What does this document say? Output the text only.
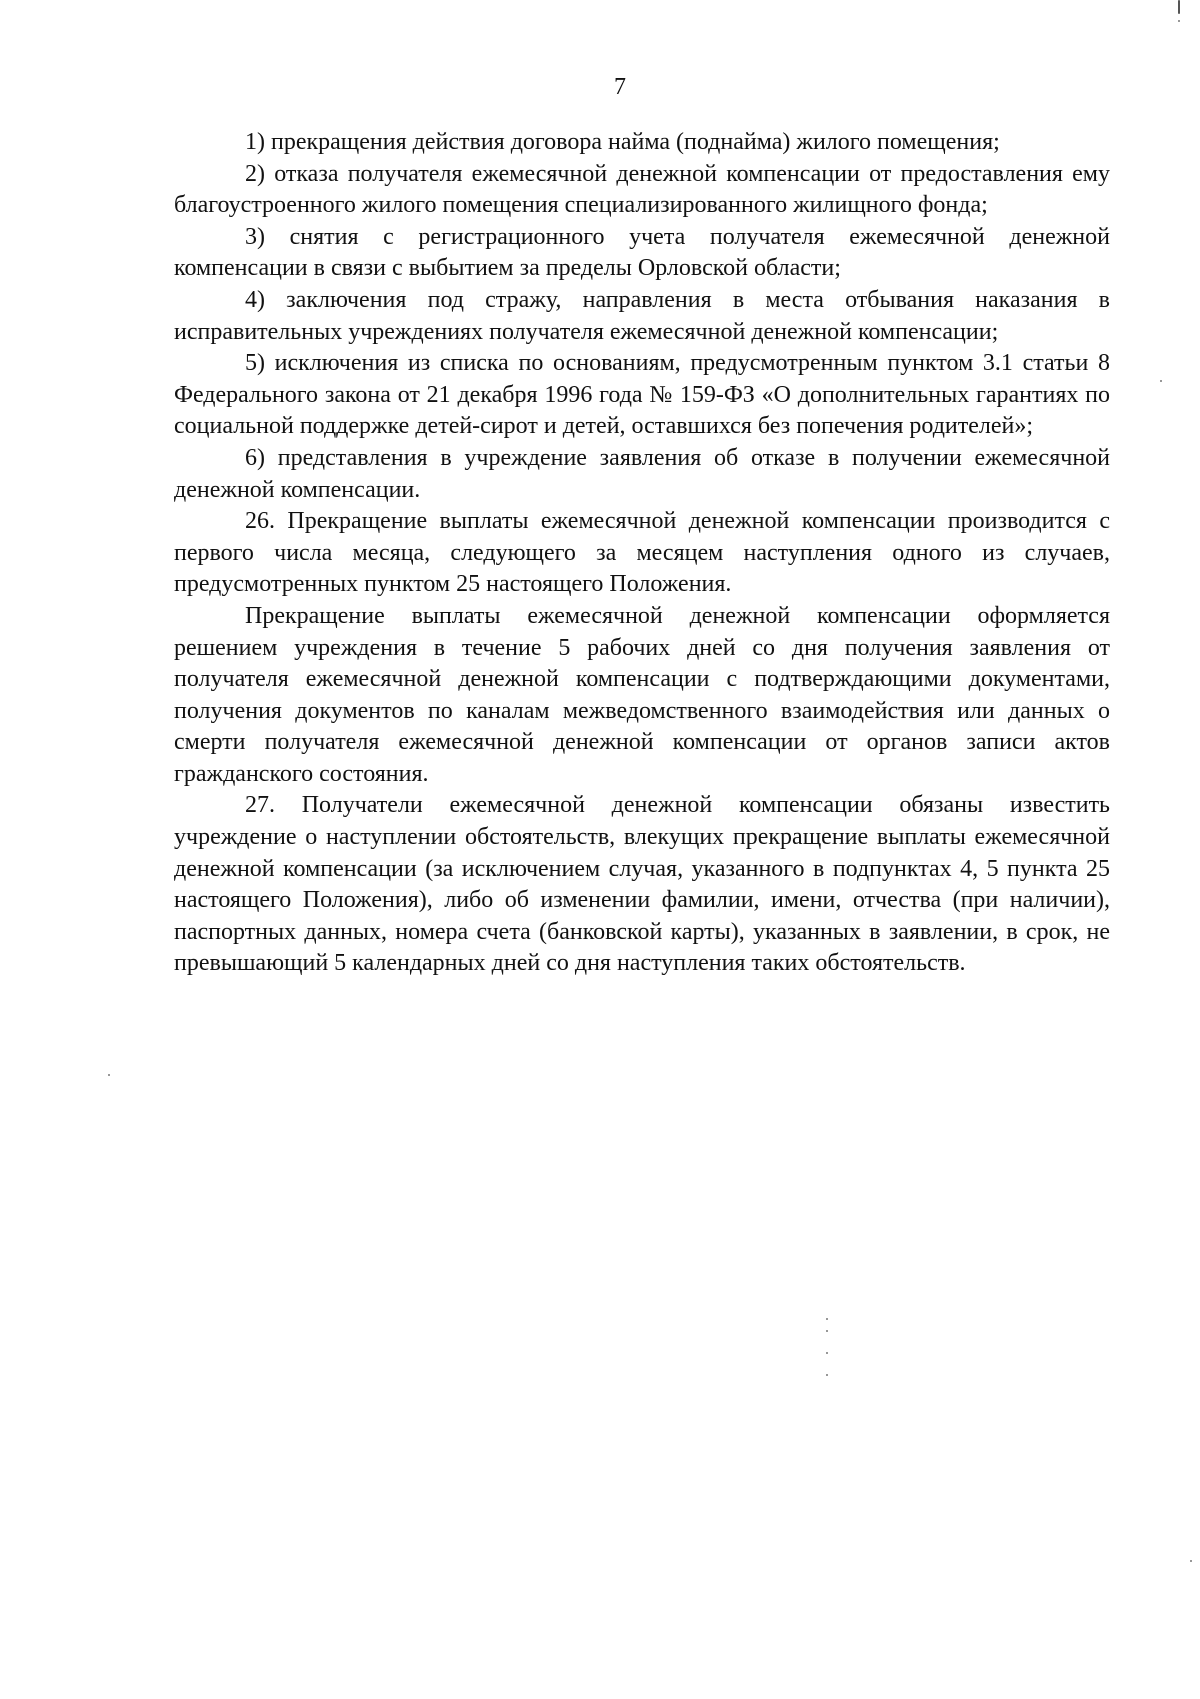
7

1) прекращения действия договора найма (поднайма) жилого помещения;

2) отказа получателя ежемесячной денежной компенсации от предоставления ему благоустроенного жилого помещения специализированного жилищного фонда;

3) снятия с регистрационного учета получателя ежемесячной денежной компенсации в связи с выбытием за пределы Орловской области;

4) заключения под стражу, направления в места отбывания наказания в исправительных учреждениях получателя ежемесячной денежной компенсации;

5) исключения из списка по основаниям, предусмотренным пунктом 3.1 статьи 8 Федерального закона от 21 декабря 1996 года № 159-ФЗ «О дополнительных гарантиях по социальной поддержке детей-сирот и детей, оставшихся без попечения родителей»;

6) представления в учреждение заявления об отказе в получении ежемесячной денежной компенсации.

26. Прекращение выплаты ежемесячной денежной компенсации производится с первого числа месяца, следующего за месяцем наступления одного из случаев, предусмотренных пунктом 25 настоящего Положения.

Прекращение выплаты ежемесячной денежной компенсации оформляется решением учреждения в течение 5 рабочих дней со дня получения заявления от получателя ежемесячной денежной компенсации с подтверждающими документами, получения документов по каналам межведомственного взаимодействия или данных о смерти получателя ежемесячной денежной компенсации от органов записи актов гражданского состояния.

27. Получатели ежемесячной денежной компенсации обязаны известить учреждение о наступлении обстоятельств, влекущих прекращение выплаты ежемесячной денежной компенсации (за исключением случая, указанного в подпунктах 4, 5 пункта 25 настоящего Положения), либо об изменении фамилии, имени, отчества (при наличии), паспортных данных, номера счета (банковской карты), указанных в заявлении, в срок, не превышающий 5 календарных дней со дня наступления таких обстоятельств.
